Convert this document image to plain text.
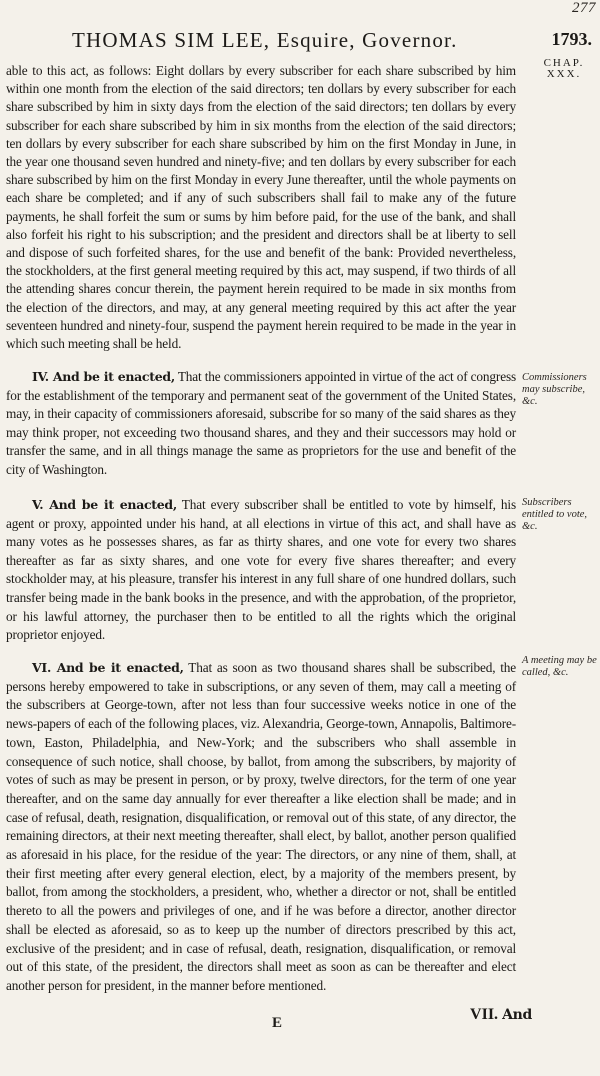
277
THOMAS SIM LEE, Esquire, Governor.	1793.
CHAP.
XXX.

able to this act, as follows: Eight dollars by every subscriber for each share subscribed by him within one month from the election of the said directors; ten dollars by every subscriber for each share subscribed by him in sixty days from the election of the said directors; ten dollars by every subscriber for each share subscribed by him in six months from the election of the said directors; ten dollars by every subscriber for each share subscribed by him on the first Monday in June, in the year one thousand seven hundred and ninety-five; and ten dollars by every subscriber for each share subscribed by him on the first Monday in every June thereafter, until the whole payments on each share be completed; and if any of such subscribers shall fail to make any of the future payments, he shall forfeit the sum or sums by him before paid, for the use of the bank, and shall also forfeit his right to his subscription; and the president and directors shall be at liberty to sell and dispose of such forfeited shares, for the use and benefit of the bank: Provided nevertheless, the stockholders, at the first general meeting required by this act, may suspend, if two thirds of all the attending shares concur therein, the payment herein required to be made in six months from the election of the directors, and may, at any general meeting required by this act after the year seventeen hundred and ninety-four, suspend the payment herein required to be made in the year in which such meeting shall be held.

IV. And be it enacted, That the commissioners appointed in virtue of the act of congress for the establishment of the temporary and permanent seat of the government of the United States, may, in their capacity of commissioners aforesaid, subscribe for so many of the said shares as they may think proper, not exceeding two thousand shares, and they and their successors may hold or transfer the same, and in all things manage the same as proprietors for the use and benefit of the city of Washington.

Commissioners may subscribe, &c.

V. And be it enacted, That every subscriber shall be entitled to vote by himself, his agent or proxy, appointed under his hand, at all elections in virtue of this act, and shall have as many votes as he possesses shares, as far as thirty shares, and one vote for every two shares thereafter as far as sixty shares, and one vote for every five shares thereafter; and every stockholder may, at his pleasure, transfer his interest in any full share of one hundred dollars, such transfer being made in the bank books in the presence, and with the approbation, of the proprietor, or his lawful attorney, the purchaser then to be entitled to all the rights which the original proprietor enjoyed.

Subscribers entitled to vote, &c.

VI. And be it enacted, That as soon as two thousand shares shall be subscribed, the persons hereby empowered to take in subscriptions, or any seven of them, may call a meeting of the subscribers at George-town, after not less than four successive weeks notice in one of the news-papers of each of the following places, viz. Alexandria, George-town, Annapolis, Baltimore-town, Easton, Philadelphia, and New-York; and the subscribers who shall assemble in consequence of such notice, shall choose, by ballot, from among the subscribers, by majority of votes of such as may be present in person, or by proxy, twelve directors, for the term of one year thereafter, and on the same day annually for ever thereafter a like election shall be made; and in case of refusal, death, resignation, disqualification, or removal out of this state, of any director, the remaining directors, at their next meeting thereafter, shall elect, by ballot, another person qualified as aforesaid in his place, for the residue of the year: The directors, or any nine of them, shall, at their first meeting after every general election, elect, by a majority of the members present, by ballot, from among the stockholders, a president, who, whether a director or not, shall be entitled thereto to all the powers and privileges of one, and if he was before a director, another director shall be elected as aforesaid, so as to keep up the number of directors prescribed by this act, exclusive of the president; and in case of refusal, death, resignation, disqualification, or removal out of this state, of the president, the directors shall meet as soon as can be thereafter and elect another person for president, in the manner before mentioned.

A meeting may be called, &c.
E	VII. And
